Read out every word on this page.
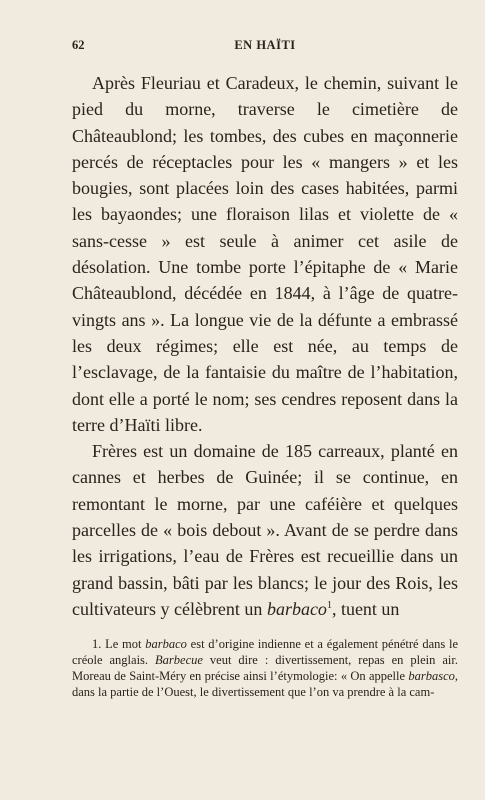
62	EN HAÏTI

Après Fleuriau et Caradeux, le chemin, suivant le pied du morne, traverse le cimetière de Châteaublond; les tombes, des cubes en maçonnerie percés de réceptacles pour les « mangers » et les bougies, sont placées loin des cases habitées, parmi les bayaondes; une floraison lilas et violette de « sans-cesse » est seule à animer cet asile de désolation. Une tombe porte l’épitaphe de « Marie Châteaublond, décédée en 1844, à l’âge de quatre-vingts ans ». La longue vie de la défunte a embrassé les deux régimes; elle est née, au temps de l’esclavage, de la fantaisie du maître de l’habitation, dont elle a porté le nom; ses cendres reposent dans la terre d’Haïti libre.

Frères est un domaine de 185 carreaux, planté en cannes et herbes de Guinée; il se continue, en remontant le morne, par une caféière et quelques parcelles de « bois debout ». Avant de se perdre dans les irrigations, l’eau de Frères est recueillie dans un grand bassin, bâti par les blancs; le jour des Rois, les cultivateurs y célèbrent un barbaco$^1$, tuent un

1. Le mot barbaco est d’origine indienne et a également pénétré dans le créole anglais. Barbecue veut dire : divertissement, repas en plein air. Moreau de Saint-Méry en précise ainsi l’étymologie: « On appelle barbasco, dans la partie de l’Ouest, le divertissement que l’on va prendre à la cam-
